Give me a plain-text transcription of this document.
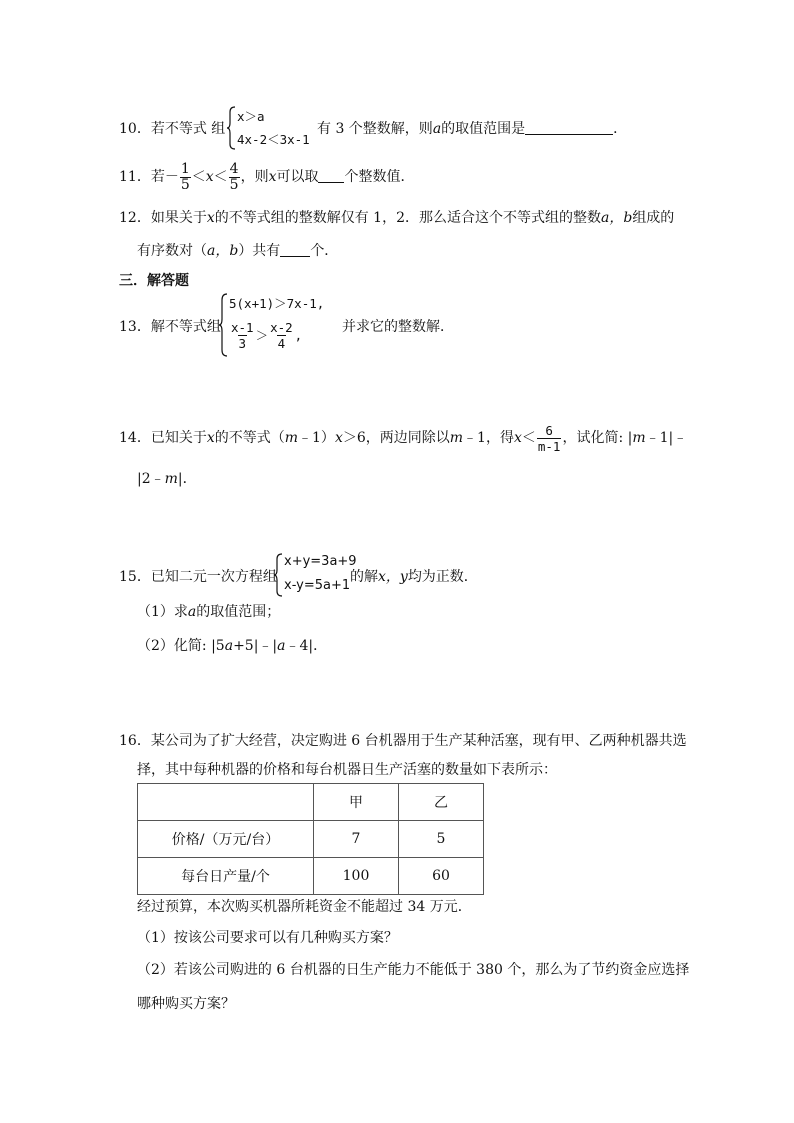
10．若不等式 组
x＞a
4x-2＜3x-1
有 3 个整数解，则a的取值范围是	．
11．若－ $\frac{1}{5} <x< \frac{4}{5}$ ，则x可以取 个整数值．
12．如果关于x的不等式组的整数解仅有 1，2．那么适合这个不等式组的整数a，b组成的
有序数对（a，b）共有 个．
三．解答题
13．解不等式组
5(x+1)＞7x-1,
$\frac{x-1}{3} > \frac{x-2}{4}$ ,
并求它的整数解．
14．已知关于x的不等式（m﹣1）x＞6，两边同除以m﹣1，得$x< \frac{6}{m-1}$ ，试化简: |m﹣1|﹣
|2﹣m|．
15．已知二元一次方程组
x+y=3a+9
x-y=5a+1
的解x，y均为正数．
（1）求a的取值范围；
（2）化简: |5a+5|﹣|a﹣4|．
16．某公司为了扩大经营，决定购进 6 台机器用于生产某种活塞，现有甲、乙两种机器共选
择，其中每种机器的价格和每台机器日生产活塞的数量如下表所示：
	甲	乙
价格/（万元/台）	7	5
每台日产量/个	100	60
经过预算，本次购买机器所耗资金不能超过 34 万元．
（1）按该公司要求可以有几种购买方案？
（2）若该公司购进的 6 台机器的日生产能力不能低于 380 个，那么为了节约资金应选择
哪种购买方案？
